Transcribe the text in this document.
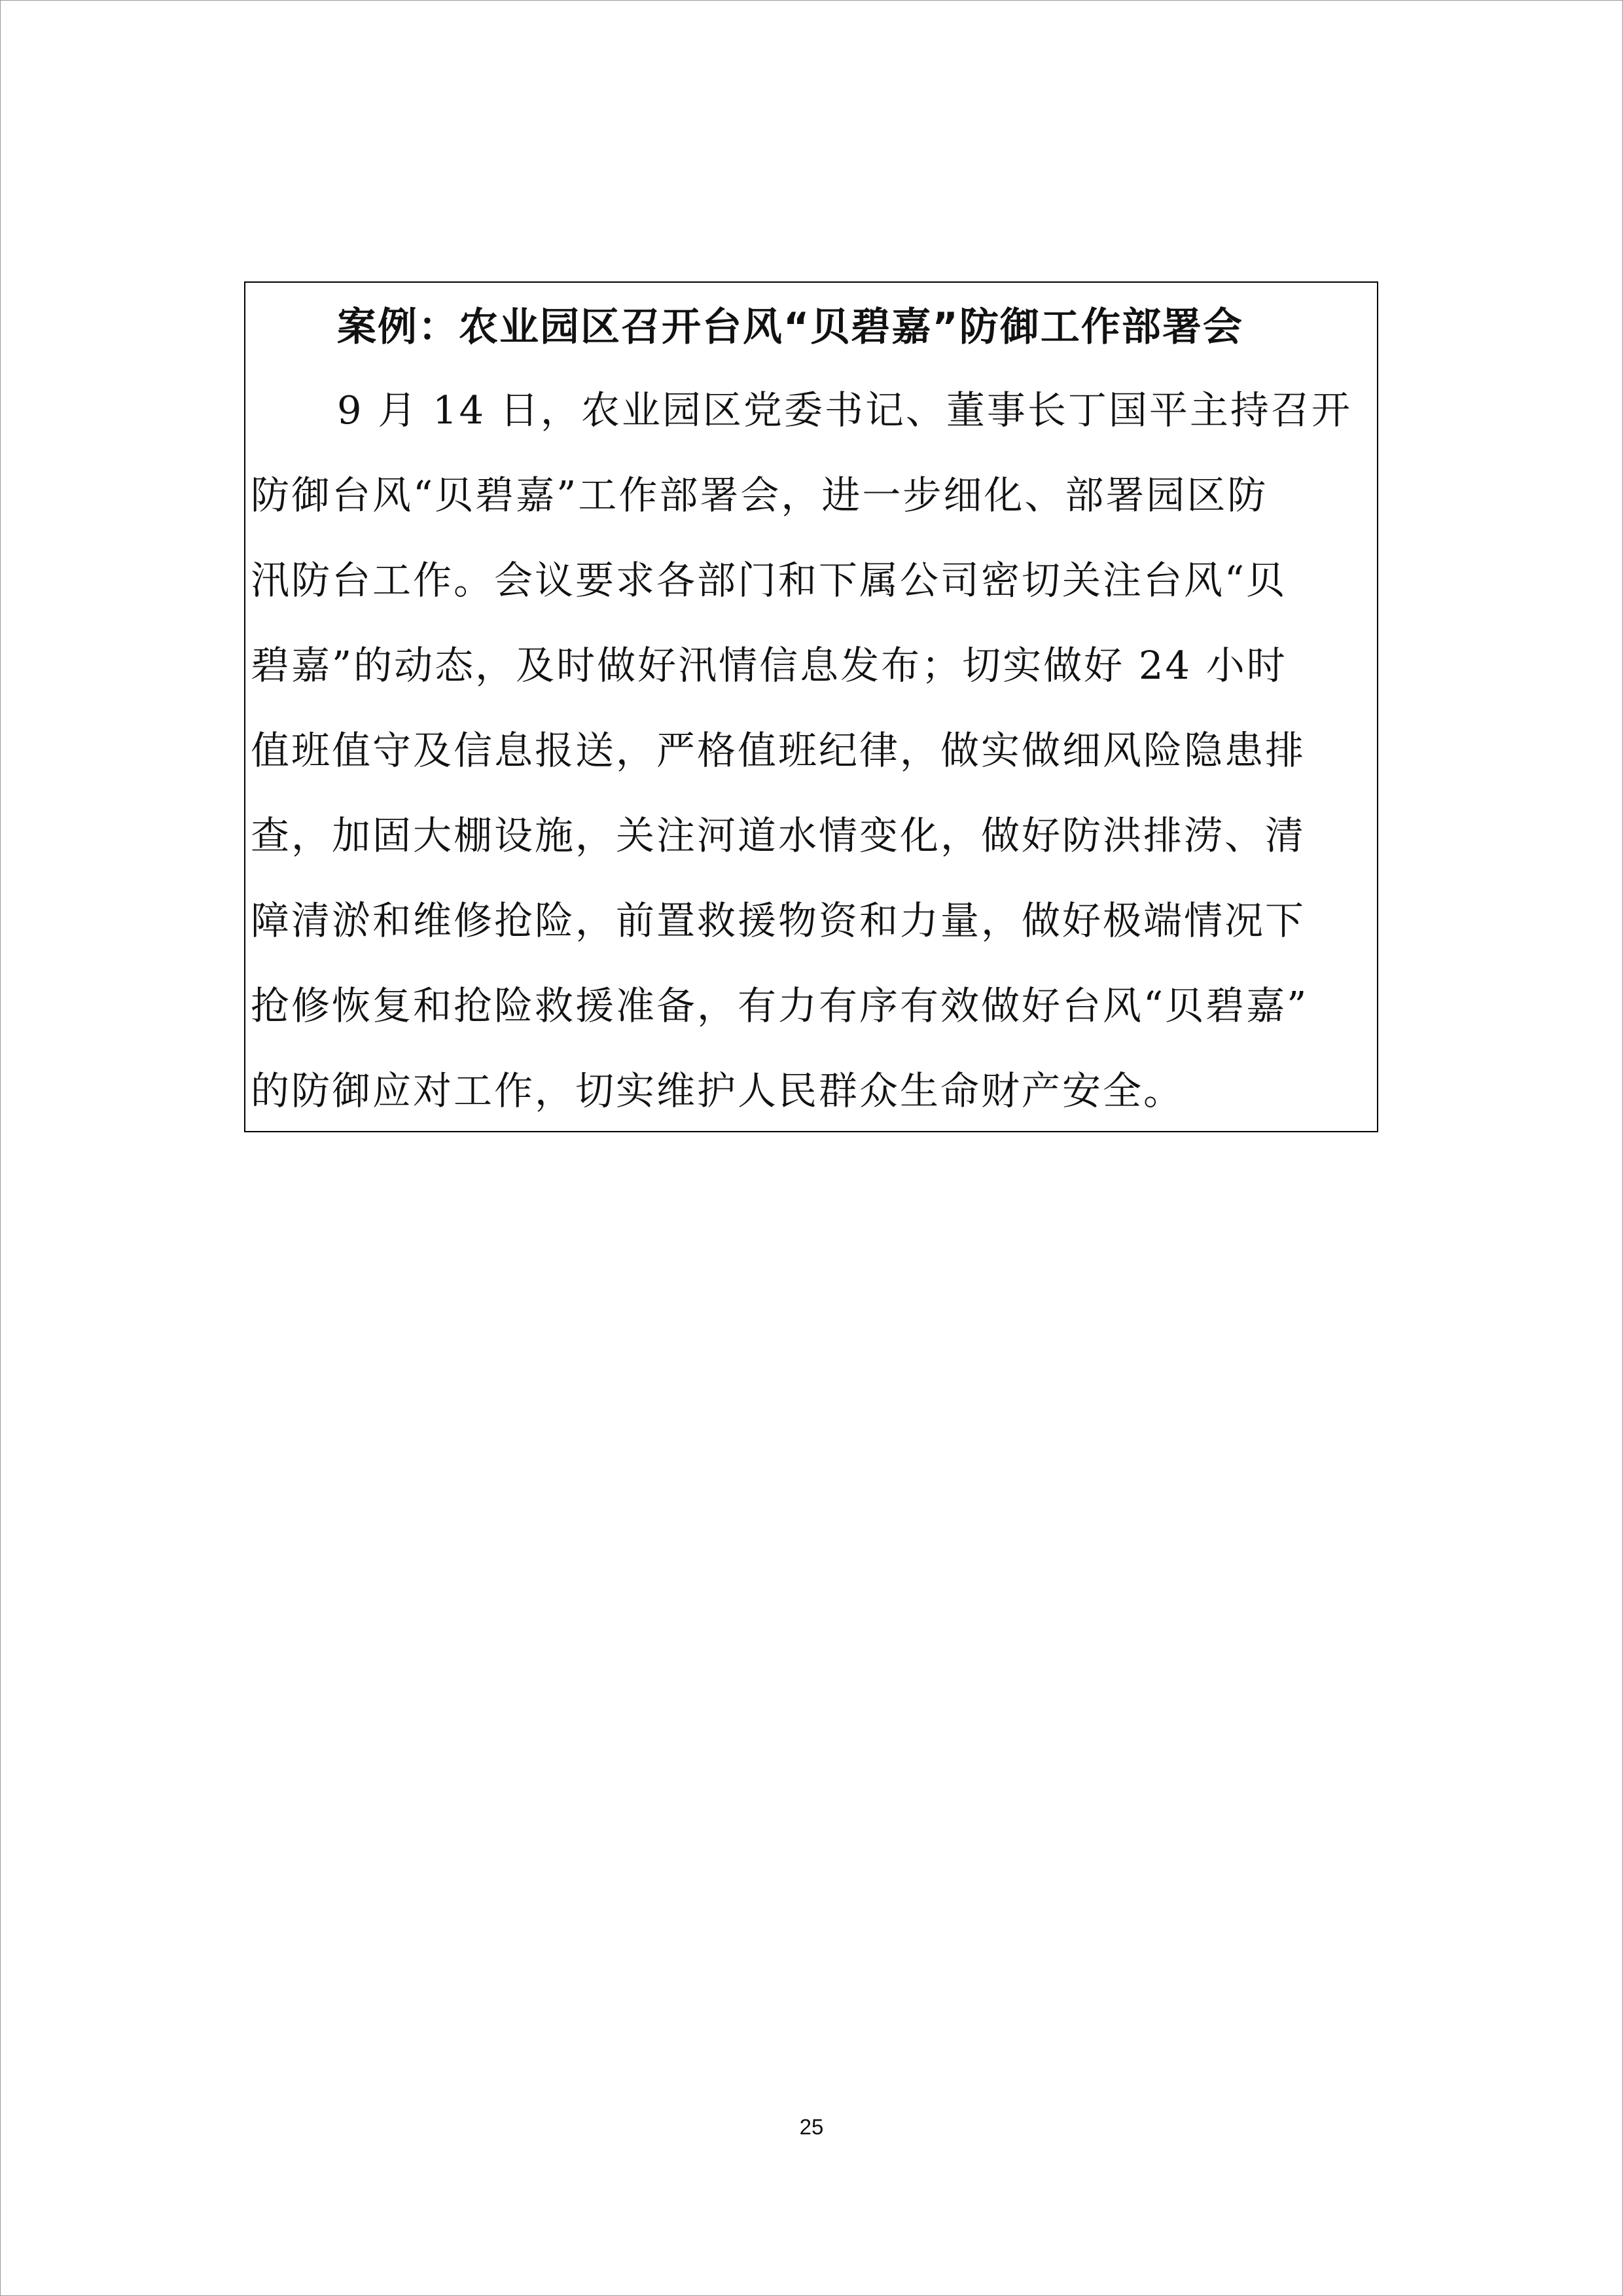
案例：农业园区召开台风“贝碧嘉”防御工作部署会
9 月 14 日，农业园区党委书记、董事长丁国平主持召开
防御台风“贝碧嘉”工作部署会，进一步细化、部署园区防
汛防台工作。会议要求各部门和下属公司密切关注台风“贝
碧嘉”的动态，及时做好汛情信息发布；切实做好 24 小时
值班值守及信息报送，严格值班纪律，做实做细风险隐患排
查，加固大棚设施，关注河道水情变化，做好防洪排涝、清
障清淤和维修抢险，前置救援物资和力量，做好极端情况下
抢修恢复和抢险救援准备，有力有序有效做好台风“贝碧嘉”
的防御应对工作，切实维护人民群众生命财产安全。
25
